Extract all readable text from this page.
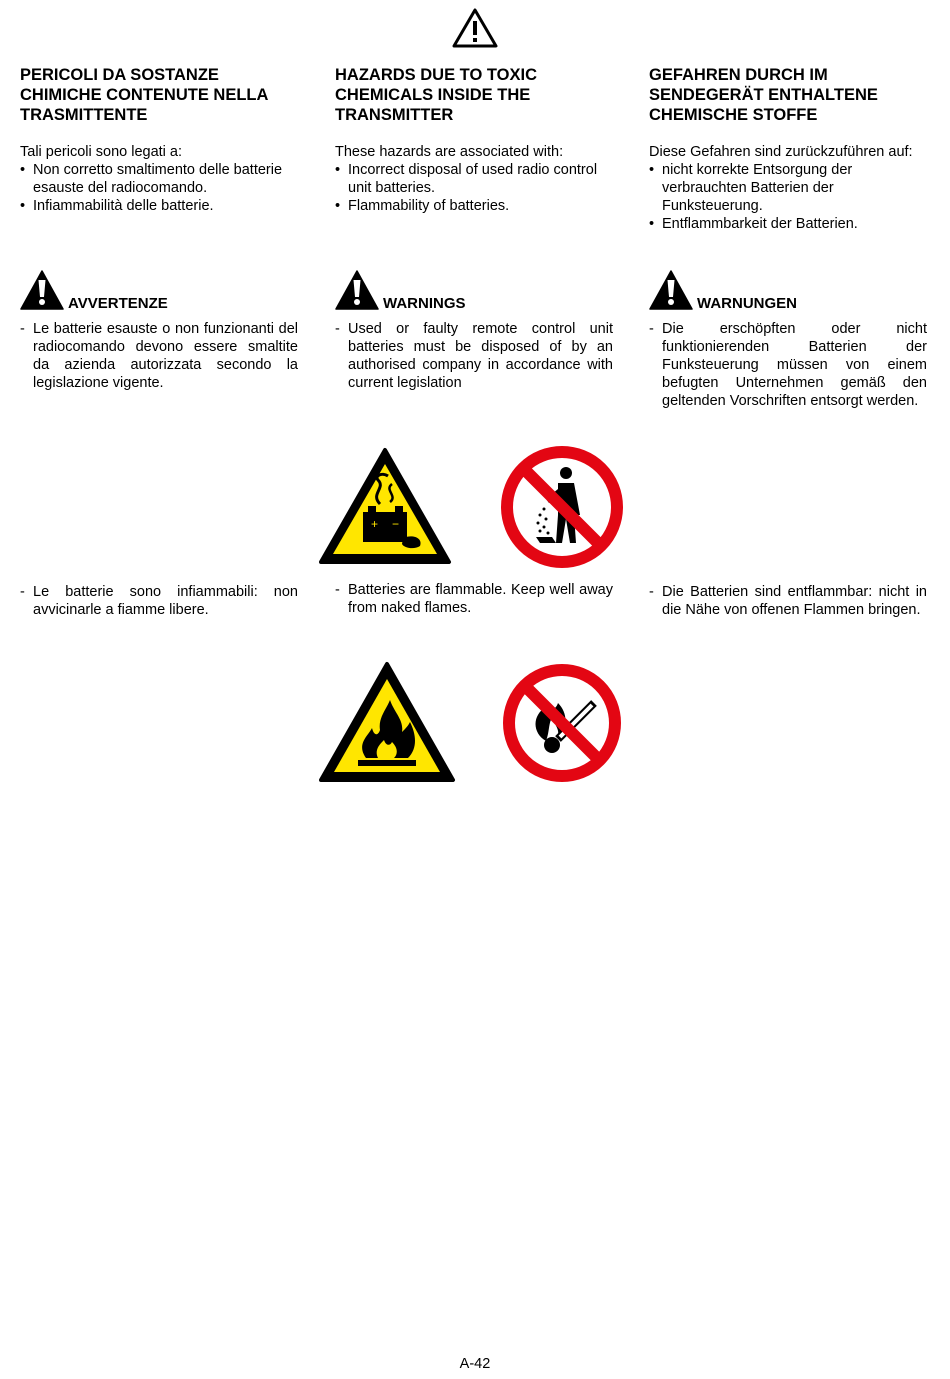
PERICOLI DA SOSTANZE CHIMICHE CONTENUTE NELLA TRASMITTENTE
HAZARDS DUE TO TOXIC CHEMICALS INSIDE THE TRANSMITTER
GEFAHREN DURCH IM SENDEGERÄT ENTHALTENE CHEMISCHE STOFFE

Tali pericoli sono legati a:

• Non corretto smaltimento delle batterie esauste del radiocomando.

• Infiammabilità delle batterie.

These hazards are associated with:

• Incorrect disposal of used radio control unit batteries.

• Flammability of batteries.

Diese Gefahren sind zurückzuführen auf:

• nicht korrekte Entsorgung der verbrauchten Batterien der Funksteuerung.

• Entflammbarkeit der Batterien.

AVVERTENZE	WARNINGS	WARNUNGEN

- Le batterie esauste o non funzionanti del radiocomando devono essere smaltite da azienda autorizzata secondo la legislazione vigente.

- Used or faulty remote control unit batteries must be disposed of by an authorised company in accordance with current legislation

- Die erschöpften oder nicht funktionierenden Batterien der Funksteuerung müssen von einem befugten Unternehmen gemäß den geltenden Vorschriften entsorgt werden.

+ −

- Le batterie sono infiammabili: non avvicinarle a fiamme libere.

- Batteries are flammable. Keep well away from naked flames.

- Die Batterien sind entflammbar: nicht in die Nähe von offenen Flammen bringen.

A-42
